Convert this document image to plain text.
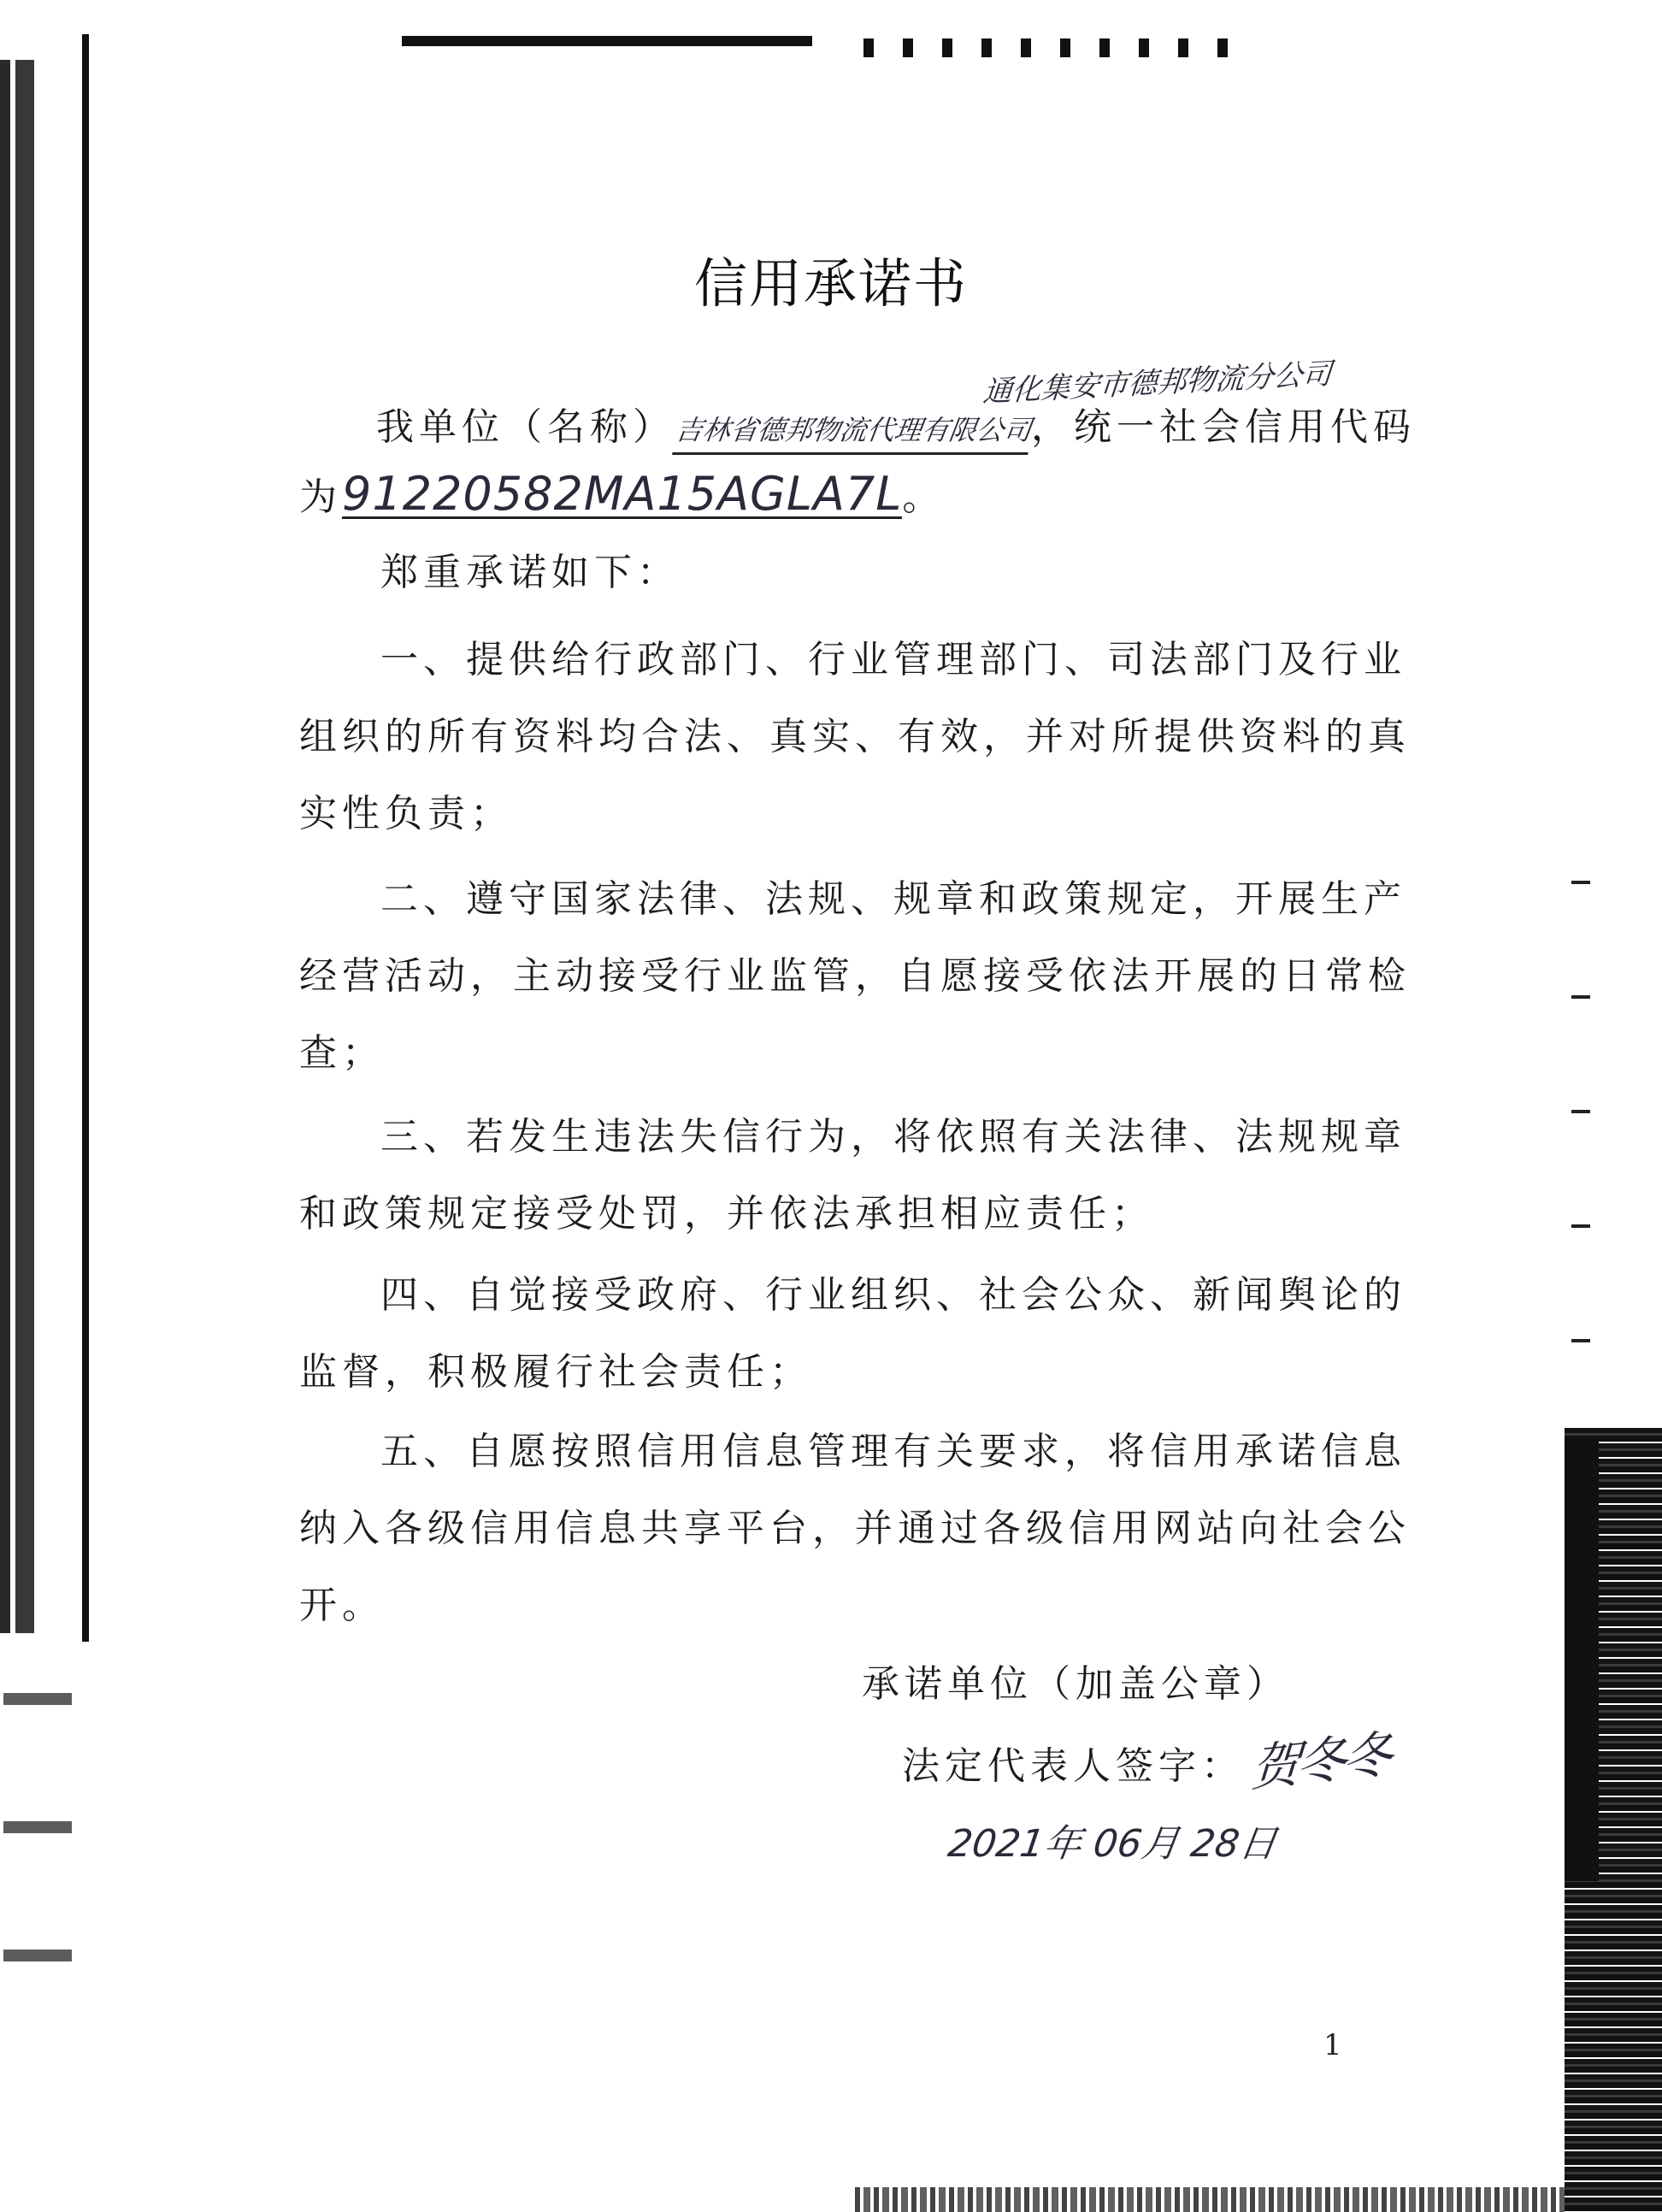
信用承诺书
通化集安市德邦物流分公司
我单位（名称）吉林省德邦物流代理有限公司，统一社会信用代码
为91220582MA15AGLA7L。
郑重承诺如下：
一、提供给行政部门、行业管理部门、司法部门及行业
组织的所有资料均合法、真实、有效，并对所提供资料的真
实性负责；
二、遵守国家法律、法规、规章和政策规定，开展生产
经营活动，主动接受行业监管，自愿接受依法开展的日常检
查；
三、若发生违法失信行为，将依照有关法律、法规规章
和政策规定接受处罚，并依法承担相应责任；
四、自觉接受政府、行业组织、社会公众、新闻舆论的
监督，积极履行社会责任；
五、自愿按照信用信息管理有关要求，将信用承诺信息
纳入各级信用信息共享平台，并通过各级信用网站向社会公
开。
承诺单位（加盖公章）
法定代表人签字： 贺冬冬
2021年 06月 28日
1
